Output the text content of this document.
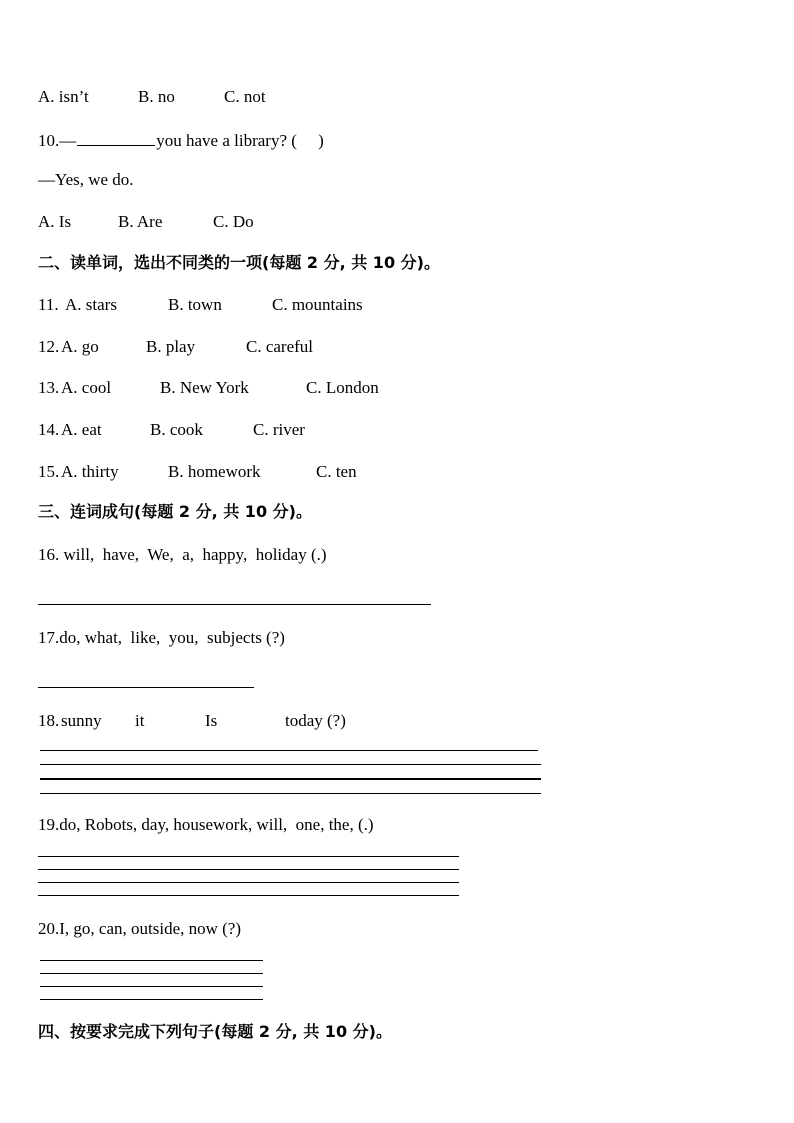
A. isn’t

	B. no

	C. not

10.—	you have a library? (     )
—Yes, we do.

A. Is

	B. Are

	C. Do

二、读单词，选出不同类的一项(每题 2 分, 共 10 分)。

11.

A. stars

	B. town

	C. mountains

12.

A. go

	B. play

	C. careful

13.

A. cool

	B. New York

	C. London

14.

A. eat

	B. cook

	C. river

15.

A. thirty

	B. homework

	C. ten

三、连词成句(每题 2 分, 共 10 分)。
16. will,  have,  We,  a,  happy,  holiday (.)
17.do, what,  like,  you,  subjects (?)

18.

sunny

it

	Is

	today (?)

19.do, Robots, day, housework, will,  one, the, (.)
20.I, go, can, outside, now (?)
四、按要求完成下列句子(每题 2 分, 共 10 分)。
